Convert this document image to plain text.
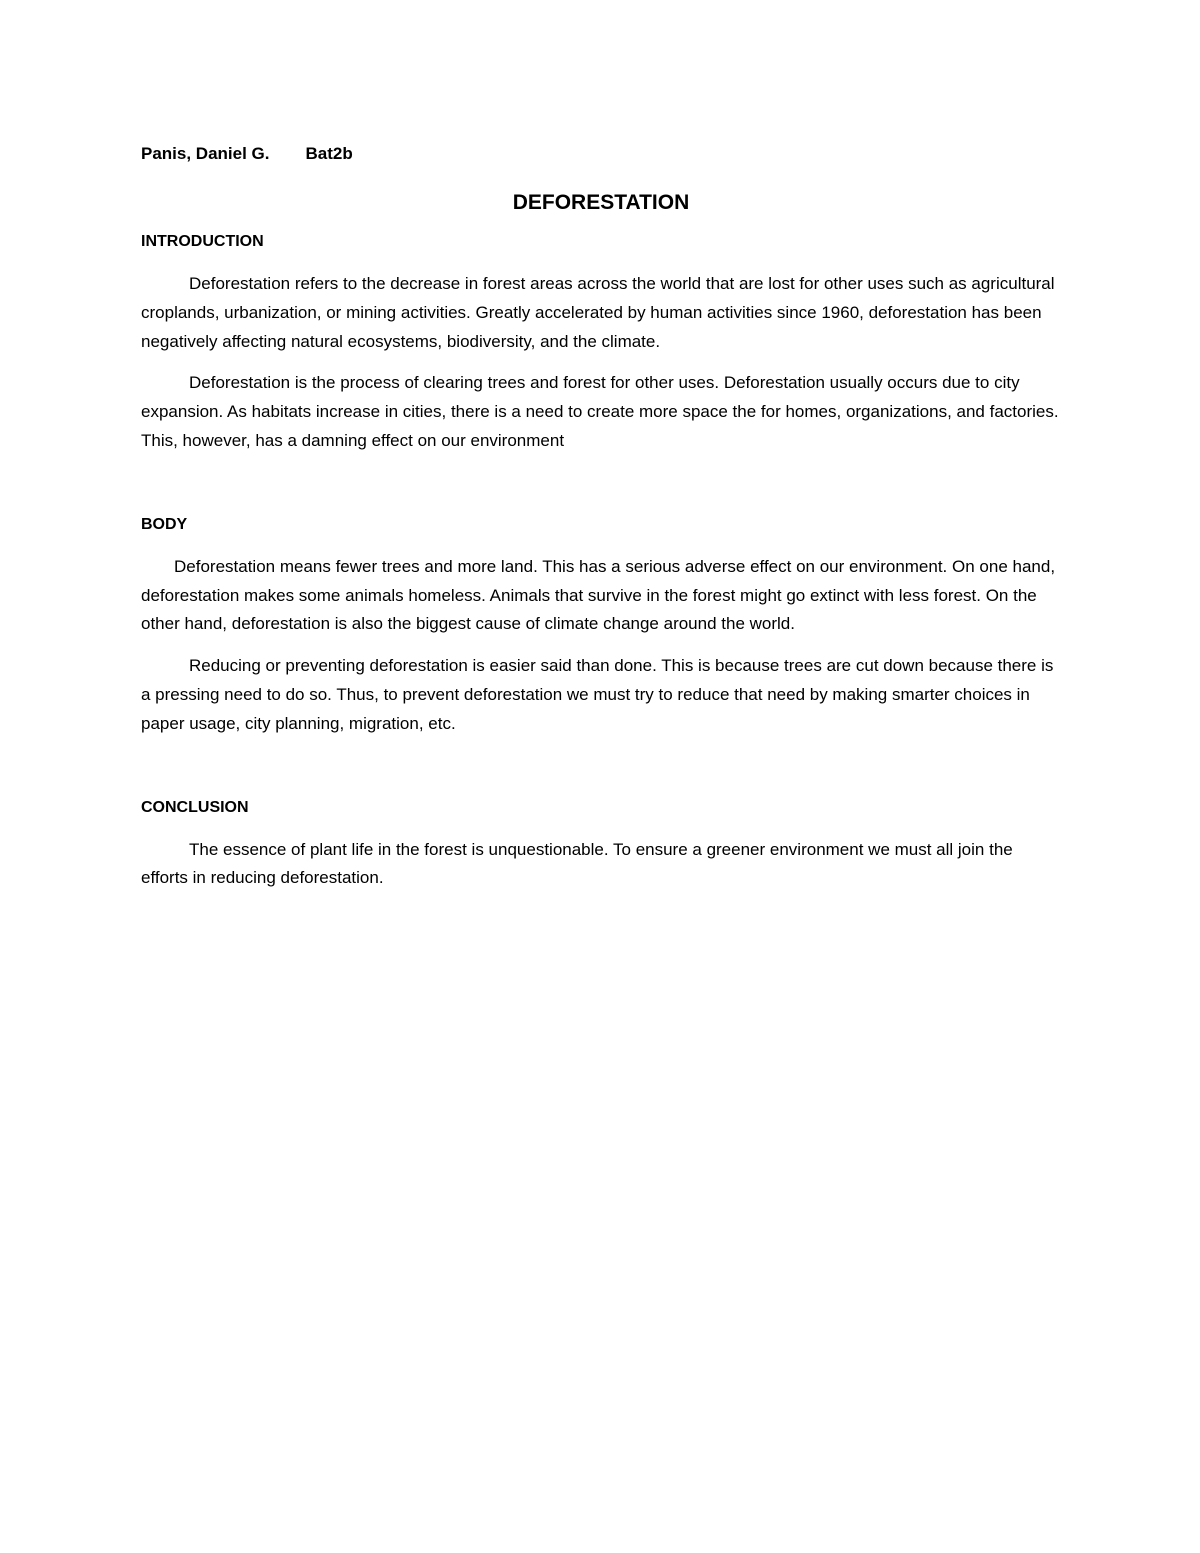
Panis, Daniel G. Bat2b

DEFORESTATION
INTRODUCTION

Deforestation refers to the decrease in forest areas across the world that are lost for other uses such as agricultural croplands, urbanization, or mining activities. Greatly accelerated by human activities since 1960, deforestation has been negatively affecting natural ecosystems, biodiversity, and the climate.

Deforestation is the process of clearing trees and forest for other uses. Deforestation usually occurs due to city expansion. As habitats increase in cities, there is a need to create more space the for homes, organizations, and factories. This, however, has a damning effect on our environment

BODY

Deforestation means fewer trees and more land. This has a serious adverse effect on our environment. On one hand, deforestation makes some animals homeless. Animals that survive in the forest might go extinct with less forest. On the other hand, deforestation is also the biggest cause of climate change around the world.

Reducing or preventing deforestation is easier said than done. This is because trees are cut down because there is a pressing need to do so. Thus, to prevent deforestation we must try to reduce that need by making smarter choices in paper usage, city planning, migration, etc.

CONCLUSION

The essence of plant life in the forest is unquestionable. To ensure a greener environment we must all join the efforts in reducing deforestation.
